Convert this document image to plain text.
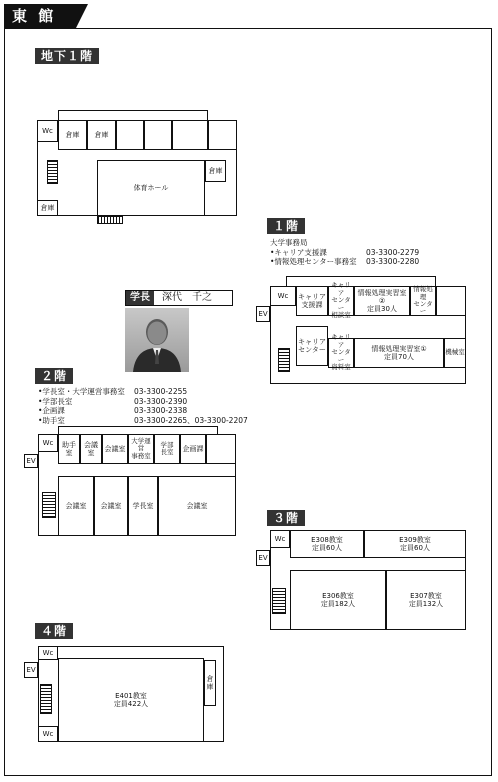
東 館
地下１階
Wc 倉庫 倉庫
倉庫
体育ホール
倉庫
学長	深代　千之
１階
大学事務局
•キャリア支援課	03-3300-2279
•情報処理センター事務室	03-3300-2280
Wc
EV
キャリア
支援課
キャリア
センター
相談室
情報処理実習室②
定員30人
情報処理
センター
キャリア
センター
キャリア
センター
資料室
情報処理実習室①
定員70人
機械室
２階
•学長室・大学運営事務室	03-3300-2255
•学部長室	03-3300-2390
•企画課	03-3300-2338
•助手室	03-3300-2265、03-3300-2207
Wc
EV
助手室
会議室
会議室
大学運営
事務室
学部
長室 企画課
会議室 会議室 学長室	会議室
３階
Wc
EV
E308教室
定員60人
E309教室
定員60人
E306教室
定員182人
E307教室
定員132人
４階
Wc
EV
Wc
E401教室
定員422人
倉庫
